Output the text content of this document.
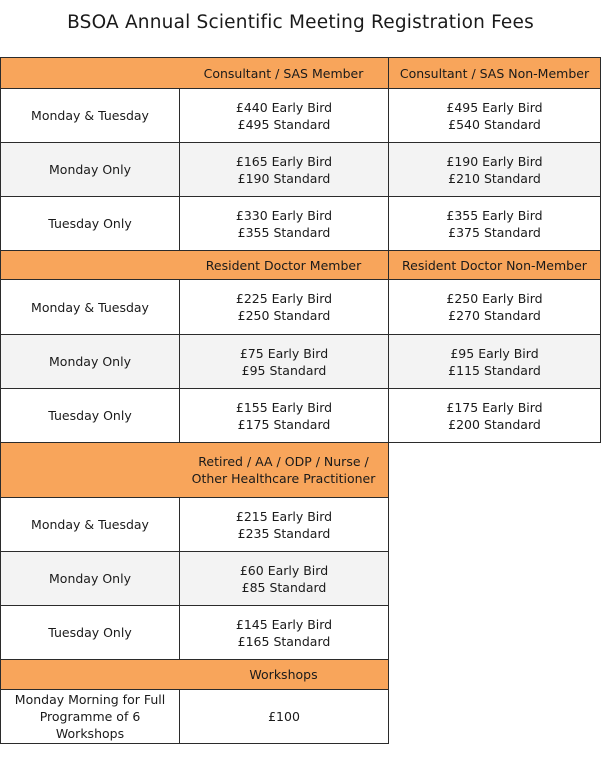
BSOA Annual Scientific Meeting Registration Fees
Consultant / SAS Member	Consultant / SAS Non-Member
Monday & Tuesday
£440 Early Bird
£495 Standard
£495 Early Bird
£540 Standard
Monday Only
£165 Early Bird
£190 Standard
£190 Early Bird
£210 Standard
Tuesday Only
£330 Early Bird
£355 Standard
£355 Early Bird
£375 Standard
Resident Doctor Member	Resident Doctor Non-Member
Monday & Tuesday
£225 Early Bird
£250 Standard
£250 Early Bird
£270 Standard
Monday Only
£75 Early Bird
£95 Standard
£95 Early Bird
£115 Standard
Tuesday Only
£155 Early Bird
£175 Standard
£175 Early Bird
£200 Standard
Retired / AA / ODP / Nurse /
Other Healthcare Practitioner
Monday & Tuesday
£215 Early Bird
£235 Standard
Monday Only
£60 Early Bird
£85 Standard
Tuesday Only
£145 Early Bird
£165 Standard
Workshops
Monday Morning for Full
Programme of 6 Workshops
£100
